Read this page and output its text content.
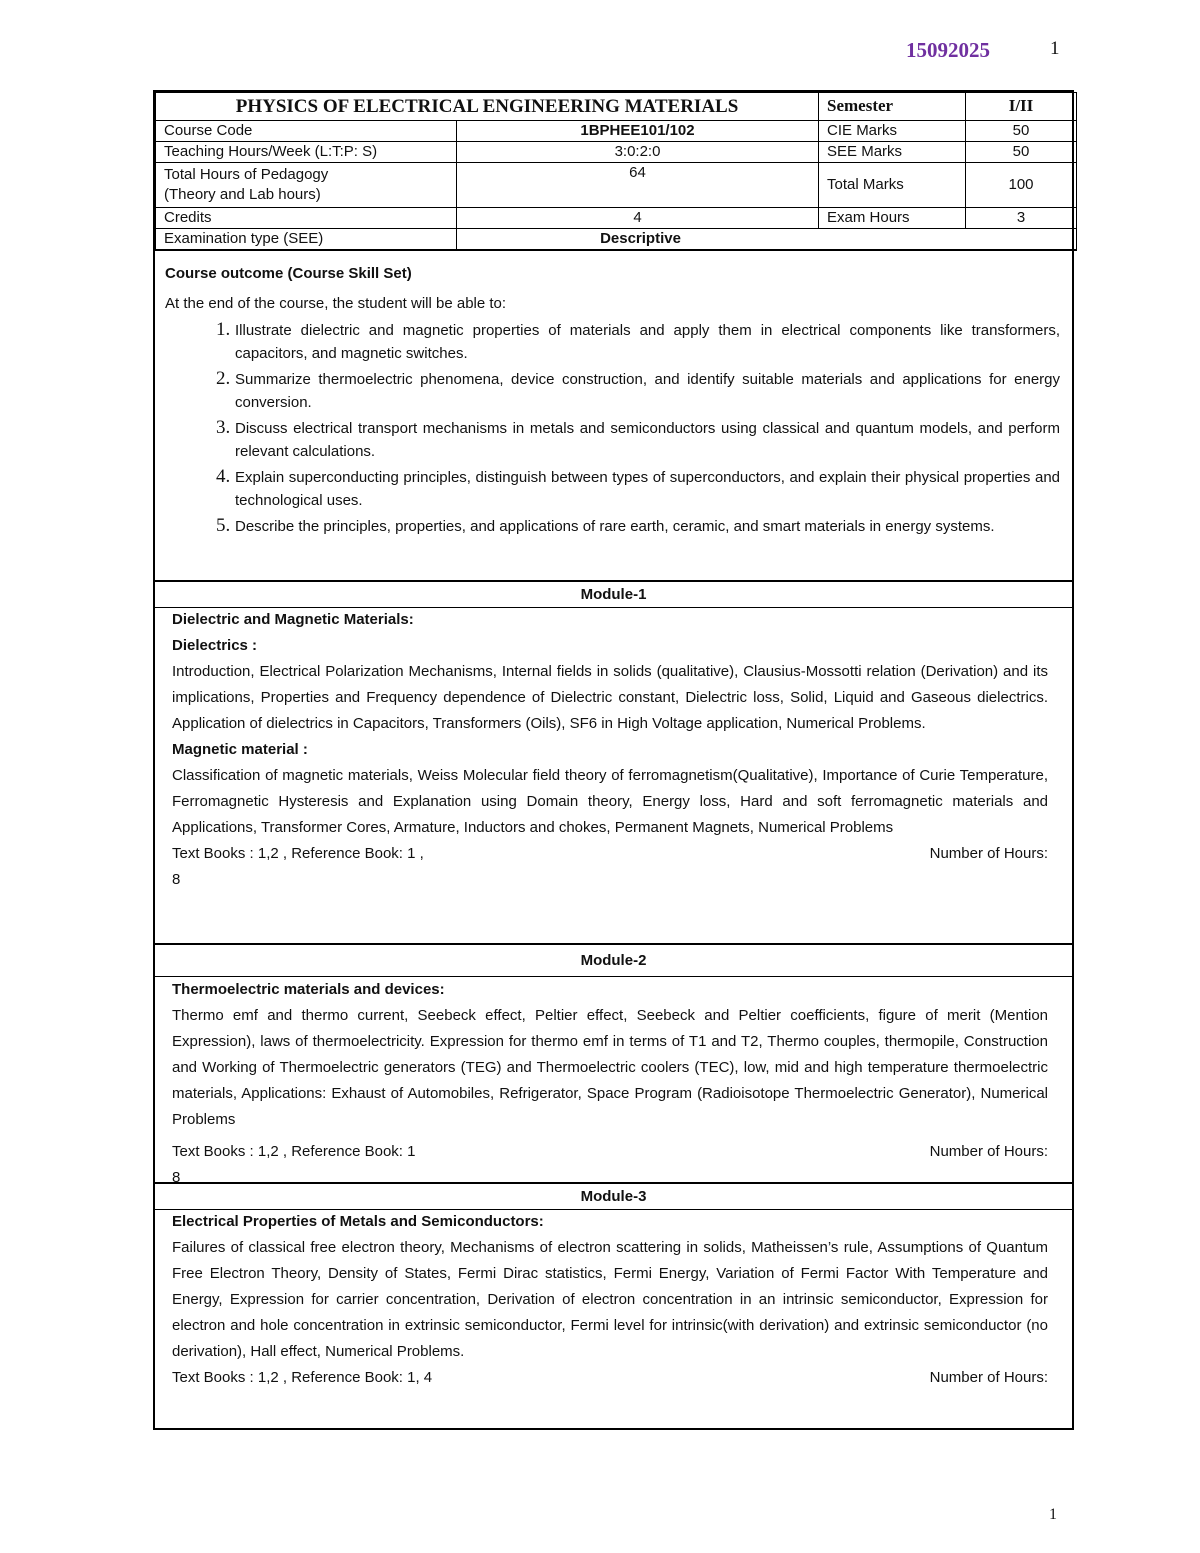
15092025	1
PHYSICS OF ELECTRICAL ENGINEERING MATERIALS		Semester	I/II
Course Code	1BPHEE101/102	CIE Marks	50
Teaching Hours/Week (L:T:P: S)	3:0:2:0	SEE Marks	50

Total Hours of Pedagogy
(Theory and Lab hours)	64	Total Marks	100
Credits	4	Exam Hours	3
Examination type (SEE)	Descriptive		
Course outcome (Course Skill Set)
At the end of the course, the student will be able to:
1. Illustrate dielectric and magnetic properties of materials and apply them in electrical components like transformers, capacitors, and magnetic switches.
2. Summarize thermoelectric phenomena, device construction, and identify suitable materials and applications for energy conversion.
3. Discuss electrical transport mechanisms in metals and semiconductors using classical and quantum models, and perform relevant calculations.
4. Explain superconducting principles, distinguish between types of superconductors, and explain their physical properties and technological uses.
5. Describe the principles, properties, and applications of rare earth, ceramic, and smart materials in energy systems.
Module-1
Dielectric and Magnetic Materials:
Dielectrics :

Introduction, Electrical Polarization Mechanisms, Internal fields in solids (qualitative), Clausius-Mossotti relation (Derivation) and its implications, Properties and Frequency dependence of Dielectric constant, Dielectric loss, Solid, Liquid and Gaseous dielectrics. Application of dielectrics in Capacitors, Transformers (Oils), SF6 in High Voltage application, Numerical Problems.

Magnetic material :

Classification of magnetic materials, Weiss Molecular field theory of ferromagnetism(Qualitative), Importance of Curie Temperature, Ferromagnetic Hysteresis and Explanation using Domain theory, Energy loss, Hard and soft ferromagnetic materials and Applications, Transformer Cores, Armature, Inductors and chokes, Permanent Magnets, Numerical Problems

Text Books : 1,2 , Reference Book: 1 ,	Number of Hours:
8
Module-2
Thermoelectric materials and devices:

Thermo emf and thermo current, Seebeck effect, Peltier effect, Seebeck and Peltier coefficients, figure of merit (Mention Expression), laws of thermoelectricity. Expression for thermo emf in terms of T1 and T2, Thermo couples, thermopile, Construction and Working of Thermoelectric generators (TEG) and Thermoelectric coolers (TEC), low, mid and high temperature thermoelectric materials, Applications: Exhaust of Automobiles, Refrigerator, Space Program (Radioisotope Thermoelectric Generator), Numerical Problems

Text Books : 1,2 , Reference Book: 1	Number of Hours:
8
Module-3
Electrical Properties of Metals and Semiconductors:

Failures of classical free electron theory, Mechanisms of electron scattering in solids, Matheissen’s rule, Assumptions of Quantum Free Electron Theory, Density of States, Fermi Dirac statistics, Fermi Energy, Variation of Fermi Factor With Temperature and Energy, Expression for carrier concentration, Derivation of electron concentration in an intrinsic semiconductor, Expression for electron and hole concentration in extrinsic semiconductor, Fermi level for intrinsic(with derivation) and extrinsic semiconductor (no derivation), Hall effect, Numerical Problems.

Text Books : 1,2 , Reference Book: 1, 4	Number of Hours:
1
